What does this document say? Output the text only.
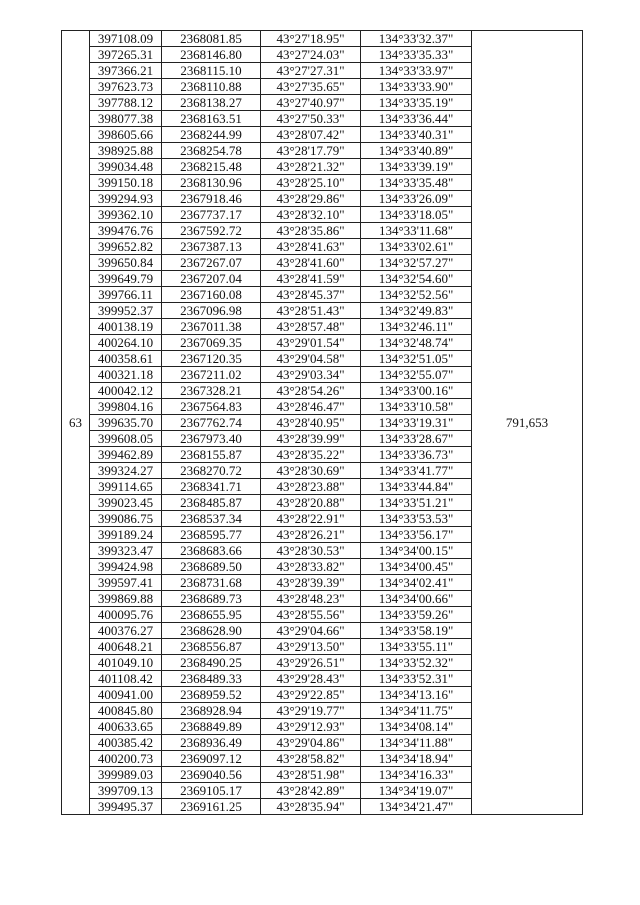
63	397108.09	2368081.85	43°27'18.95"	134°33'32.37"	791,653
	397265.31	2368146.80	43°27'24.03"	134°33'35.33"	
	397366.21	2368115.10	43°27'27.31"	134°33'33.97"	
	397623.73	2368110.88	43°27'35.65"	134°33'33.90"	
	397788.12	2368138.27	43°27'40.97"	134°33'35.19"	
	398077.38	2368163.51	43°27'50.33"	134°33'36.44"	
	398605.66	2368244.99	43°28'07.42"	134°33'40.31"	
	398925.88	2368254.78	43°28'17.79"	134°33'40.89"	
	399034.48	2368215.48	43°28'21.32"	134°33'39.19"	
	399150.18	2368130.96	43°28'25.10"	134°33'35.48"	
	399294.93	2367918.46	43°28'29.86"	134°33'26.09"	
	399362.10	2367737.17	43°28'32.10"	134°33'18.05"	
	399476.76	2367592.72	43°28'35.86"	134°33'11.68"	
	399652.82	2367387.13	43°28'41.63"	134°33'02.61"	
	399650.84	2367267.07	43°28'41.60"	134°32'57.27"	
	399649.79	2367207.04	43°28'41.59"	134°32'54.60"	
	399766.11	2367160.08	43°28'45.37"	134°32'52.56"	
	399952.37	2367096.98	43°28'51.43"	134°32'49.83"	
	400138.19	2367011.38	43°28'57.48"	134°32'46.11"	
	400264.10	2367069.35	43°29'01.54"	134°32'48.74"	
	400358.61	2367120.35	43°29'04.58"	134°32'51.05"	
	400321.18	2367211.02	43°29'03.34"	134°32'55.07"	
	400042.12	2367328.21	43°28'54.26"	134°33'00.16"	
	399804.16	2367564.83	43°28'46.47"	134°33'10.58"	
	399635.70	2367762.74	43°28'40.95"	134°33'19.31"	
	399608.05	2367973.40	43°28'39.99"	134°33'28.67"	
	399462.89	2368155.87	43°28'35.22"	134°33'36.73"	
	399324.27	2368270.72	43°28'30.69"	134°33'41.77"	
	399114.65	2368341.71	43°28'23.88"	134°33'44.84"	
	399023.45	2368485.87	43°28'20.88"	134°33'51.21"	
	399086.75	2368537.34	43°28'22.91"	134°33'53.53"	
	399189.24	2368595.77	43°28'26.21"	134°33'56.17"	
	399323.47	2368683.66	43°28'30.53"	134°34'00.15"	
	399424.98	2368689.50	43°28'33.82"	134°34'00.45"	
	399597.41	2368731.68	43°28'39.39"	134°34'02.41"	
	399869.88	2368689.73	43°28'48.23"	134°34'00.66"	
	400095.76	2368655.95	43°28'55.56"	134°33'59.26"	
	400376.27	2368628.90	43°29'04.66"	134°33'58.19"	
	400648.21	2368556.87	43°29'13.50"	134°33'55.11"	
	401049.10	2368490.25	43°29'26.51"	134°33'52.32"	
	401108.42	2368489.33	43°29'28.43"	134°33'52.31"	
	400941.00	2368959.52	43°29'22.85"	134°34'13.16"	
	400845.80	2368928.94	43°29'19.77"	134°34'11.75"	
	400633.65	2368849.89	43°29'12.93"	134°34'08.14"	
	400385.42	2368936.49	43°29'04.86"	134°34'11.88"	
	400200.73	2369097.12	43°28'58.82"	134°34'18.94"	
	399989.03	2369040.56	43°28'51.98"	134°34'16.33"	
	399709.13	2369105.17	43°28'42.89"	134°34'19.07"	
	399495.37	2369161.25	43°28'35.94"	134°34'21.47"	
